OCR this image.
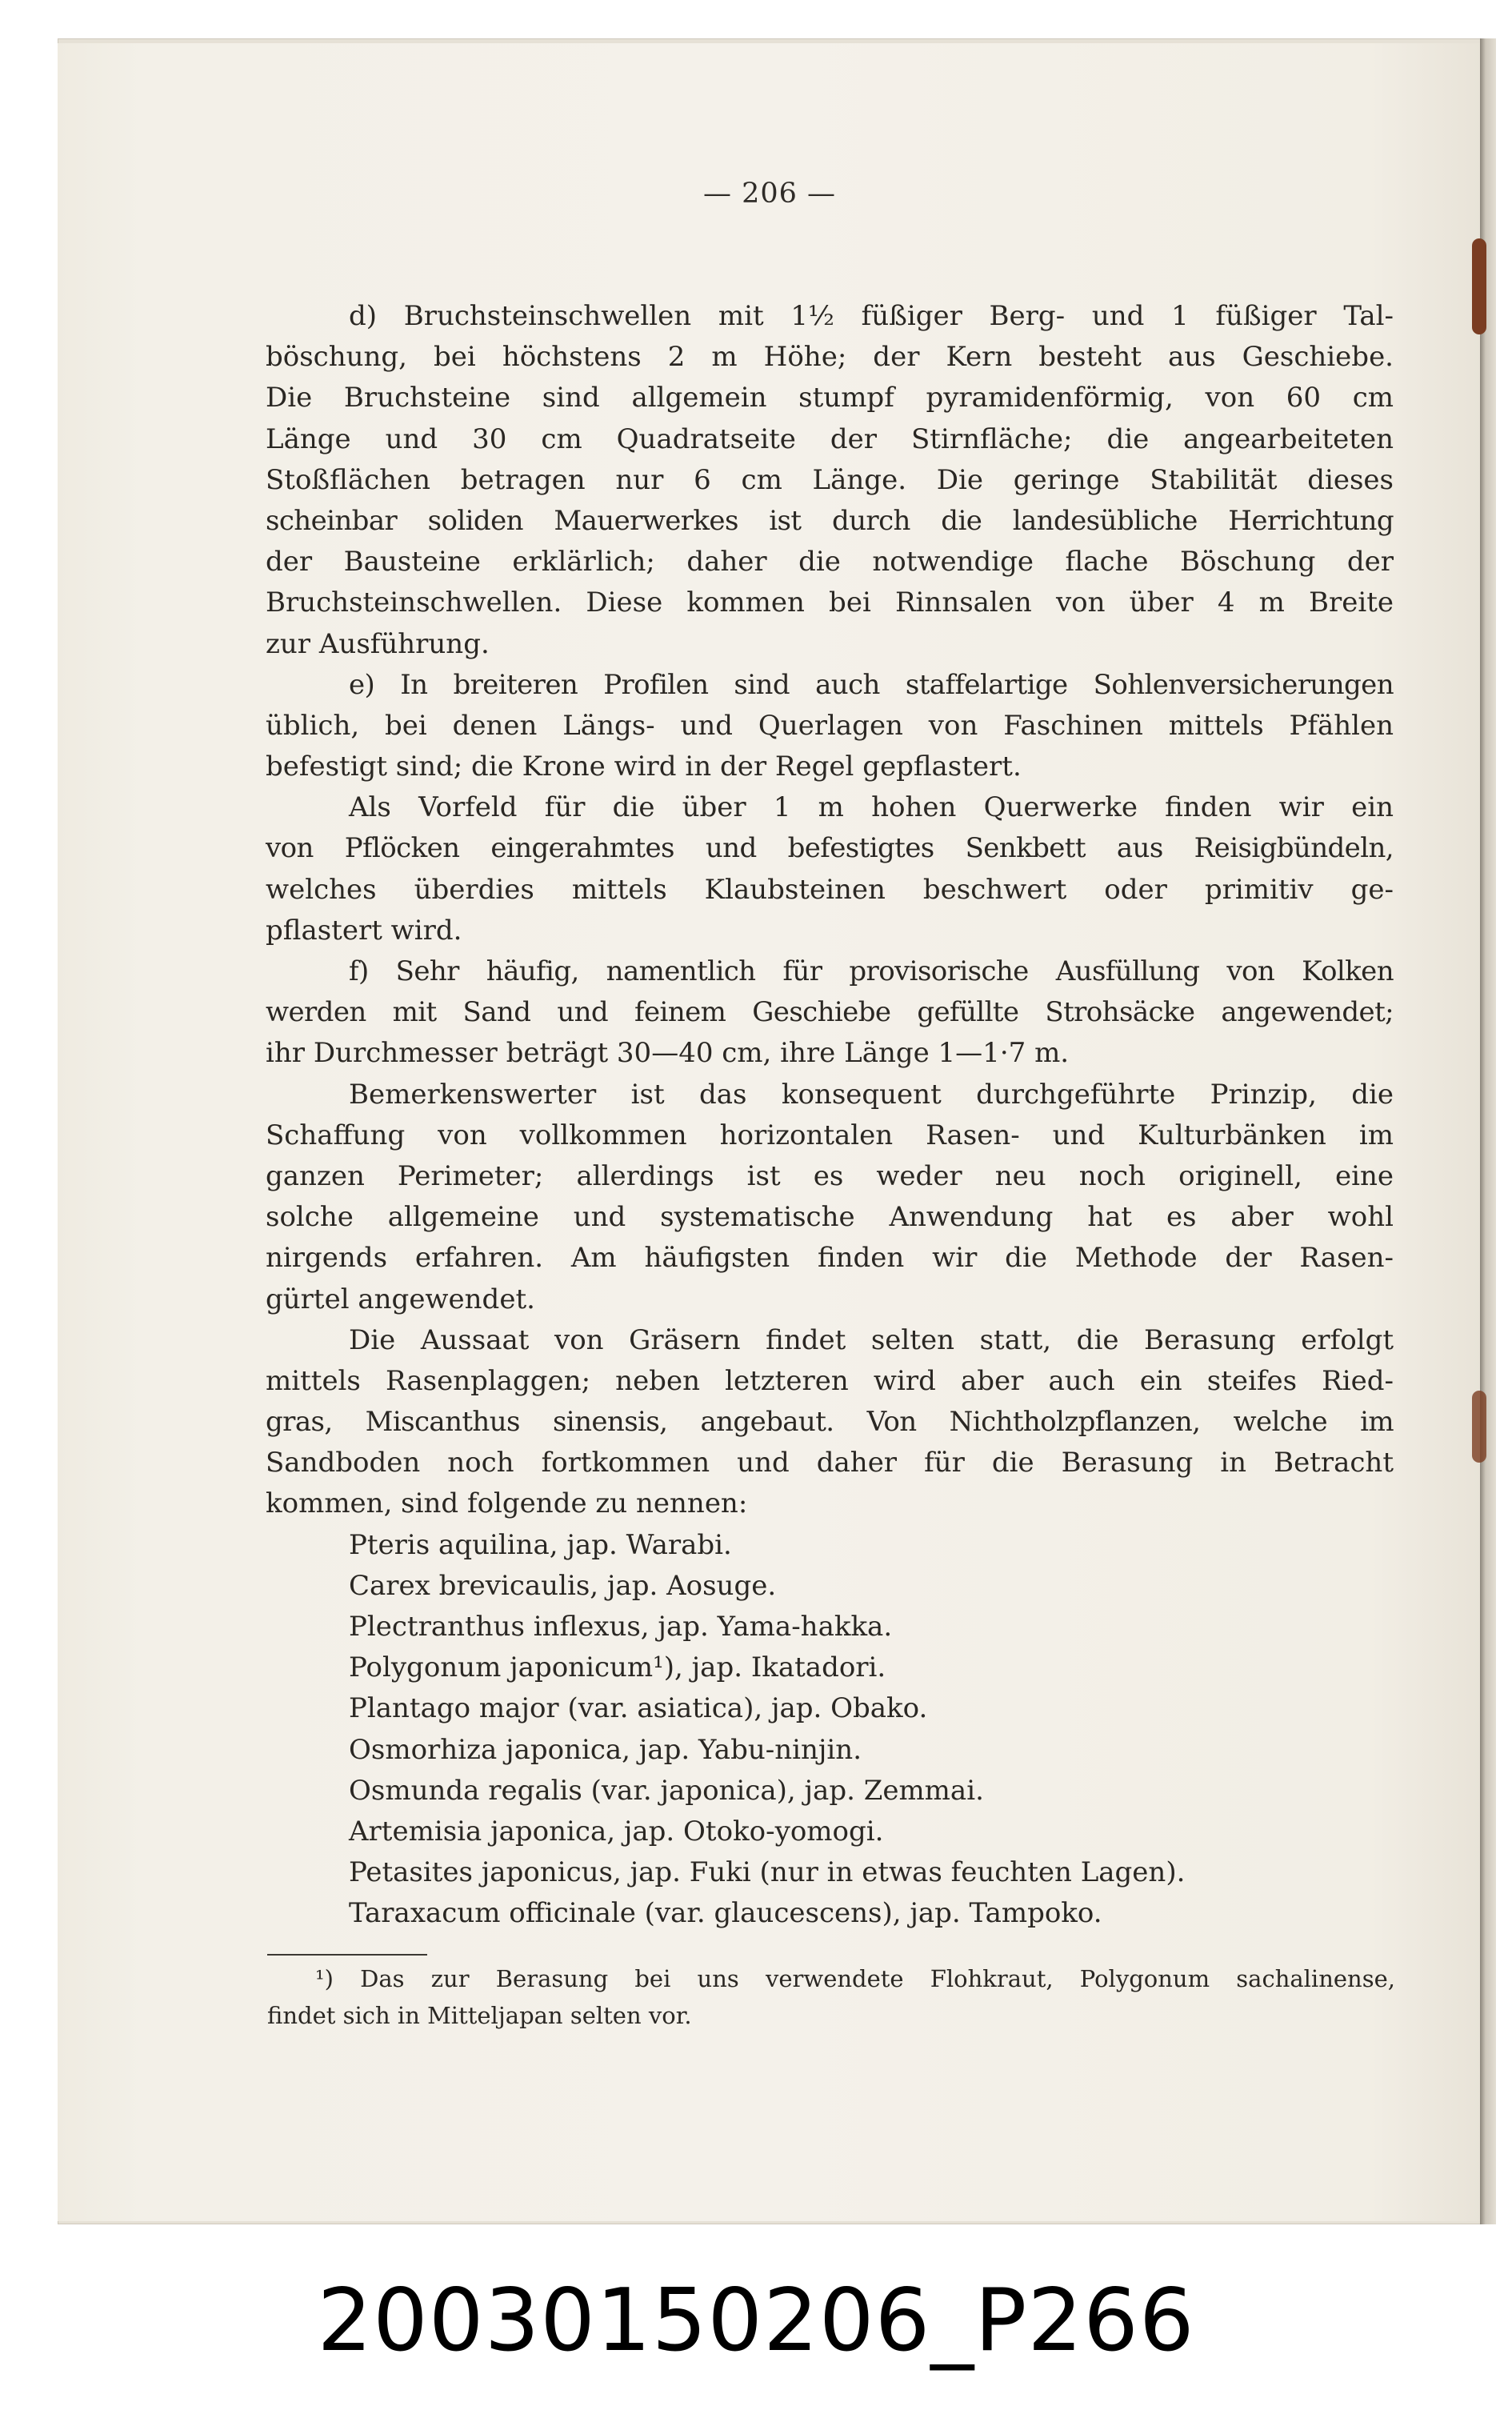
— 206 —
d) Bruchsteinschwellen mit 1½ füßiger Berg- und 1 füßiger Tal-
böschung, bei höchstens 2 m Höhe; der Kern besteht aus Geschiebe.
Die Bruchsteine sind allgemein stumpf pyramidenförmig, von 60 cm
Länge und 30 cm Quadratseite der Stirnfläche; die angearbeiteten
Stoßflächen betragen nur 6 cm Länge. Die geringe Stabilität dieses
scheinbar soliden Mauerwerkes ist durch die landesübliche Herrichtung
der Bausteine erklärlich; daher die notwendige flache Böschung der
Bruchsteinschwellen. Diese kommen bei Rinnsalen von über 4 m Breite
zur Ausführung.
e) In breiteren Profilen sind auch staffelartige Sohlenversicherungen
üblich, bei denen Längs- und Querlagen von Faschinen mittels Pfählen
befestigt sind; die Krone wird in der Regel gepflastert.
Als Vorfeld für die über 1 m hohen Querwerke finden wir ein
von Pflöcken eingerahmtes und befestigtes Senkbett aus Reisigbündeln,
welches überdies mittels Klaubsteinen beschwert oder primitiv ge-
pflastert wird.
f) Sehr häufig, namentlich für provisorische Ausfüllung von Kolken
werden mit Sand und feinem Geschiebe gefüllte Strohsäcke angewendet;
ihr Durchmesser beträgt 30—40 cm, ihre Länge 1—1·7 m.
Bemerkenswerter ist das konsequent durchgeführte Prinzip, die
Schaffung von vollkommen horizontalen Rasen- und Kulturbänken im
ganzen Perimeter; allerdings ist es weder neu noch originell, eine
solche allgemeine und systematische Anwendung hat es aber wohl
nirgends erfahren. Am häufigsten finden wir die Methode der Rasen-
gürtel angewendet.
Die Aussaat von Gräsern findet selten statt, die Berasung erfolgt
mittels Rasenplaggen; neben letzteren wird aber auch ein steifes Ried-
gras, Miscanthus sinensis, angebaut. Von Nichtholzpflanzen, welche im
Sandboden noch fortkommen und daher für die Berasung in Betracht
kommen, sind folgende zu nennen:
Pteris aquilina, jap. Warabi.
Carex brevicaulis, jap. Aosuge.
Plectranthus inflexus, jap. Yama-hakka.
Polygonum japonicum¹), jap. Ikatadori.
Plantago major (var. asiatica), jap. Obako.
Osmorhiza japonica, jap. Yabu-ninjin.
Osmunda regalis (var. japonica), jap. Zemmai.
Artemisia japonica, jap. Otoko-yomogi.
Petasites japonicus, jap. Fuki (nur in etwas feuchten Lagen).
Taraxacum officinale (var. glaucescens), jap. Tampoko.
¹) Das zur Berasung bei uns verwendete Flohkraut, Polygonum sachalinense,
findet sich in Mitteljapan selten vor.
20030150206_P266
